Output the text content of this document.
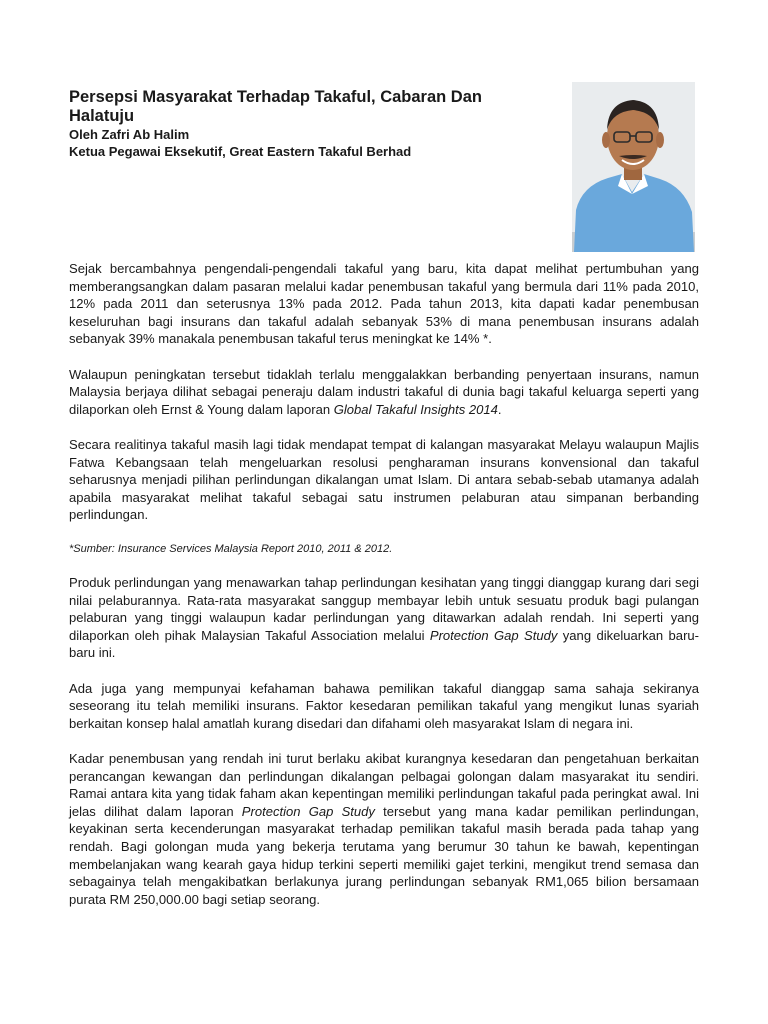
Persepsi Masyarakat Terhadap Takaful, Cabaran Dan Halatuju

Oleh Zafri Ab Halim

Ketua Pegawai Eksekutif, Great Eastern Takaful Berhad

Sejak bercambahnya pengendali-pengendali takaful yang baru, kita dapat melihat pertumbuhan yang memberangsangkan dalam pasaran melalui kadar penembusan takaful yang bermula dari 11% pada 2010, 12% pada 2011 dan seterusnya 13% pada 2012. Pada tahun 2013, kita dapati kadar penembusan keseluruhan bagi insurans dan takaful adalah sebanyak 53% di mana penembusan insurans adalah sebanyak 39% manakala penembusan takaful terus meningkat ke 14% *.

Walaupun peningkatan tersebut tidaklah terlalu menggalakkan berbanding penyertaan insurans, namun Malaysia berjaya dilihat sebagai peneraju dalam industri takaful di dunia bagi takaful keluarga seperti yang dilaporkan oleh Ernst & Young dalam laporan Global Takaful Insights 2014.

Secara realitinya takaful masih lagi tidak mendapat tempat di kalangan masyarakat Melayu walaupun Majlis Fatwa Kebangsaan telah mengeluarkan resolusi pengharaman insurans konvensional dan takaful seharusnya menjadi pilihan perlindungan dikalangan umat Islam. Di antara sebab-sebab utamanya adalah apabila masyarakat melihat takaful sebagai satu instrumen pelaburan atau simpanan berbanding perlindungan.

*Sumber: Insurance Services Malaysia Report 2010, 2011 & 2012.

Produk perlindungan yang menawarkan tahap perlindungan kesihatan yang tinggi dianggap kurang dari segi nilai pelaburannya. Rata-rata masyarakat sanggup membayar lebih untuk sesuatu produk bagi pulangan pelaburan yang tinggi walaupun kadar perlindungan yang ditawarkan adalah rendah. Ini seperti yang dilaporkan oleh pihak Malaysian Takaful Association melalui Protection Gap Study yang dikeluarkan baru-baru ini.

Ada juga yang mempunyai kefahaman bahawa pemilikan takaful dianggap sama sahaja sekiranya seseorang itu telah memiliki insurans. Faktor kesedaran pemilikan takaful yang mengikut lunas syariah berkaitan konsep halal amatlah kurang disedari dan difahami oleh masyarakat Islam di negara ini.

Kadar penembusan yang rendah ini turut berlaku akibat kurangnya kesedaran dan pengetahuan berkaitan perancangan kewangan dan perlindungan dikalangan pelbagai golongan dalam masyarakat itu sendiri. Ramai antara kita yang tidak faham akan kepentingan memiliki perlindungan takaful pada peringkat awal. Ini jelas dilihat dalam laporan Protection Gap Study tersebut yang mana kadar pemilikan perlindungan, keyakinan serta kecenderungan masyarakat terhadap pemilikan takaful masih berada pada tahap yang rendah. Bagi golongan muda yang bekerja terutama yang berumur 30 tahun ke bawah, kepentingan membelanjakan wang kearah gaya hidup terkini seperti memiliki gajet terkini, mengikut trend semasa dan sebagainya telah mengakibatkan berlakunya jurang perlindungan sebanyak RM1,065 bilion bersamaan purata RM 250,000.00 bagi setiap seorang.
